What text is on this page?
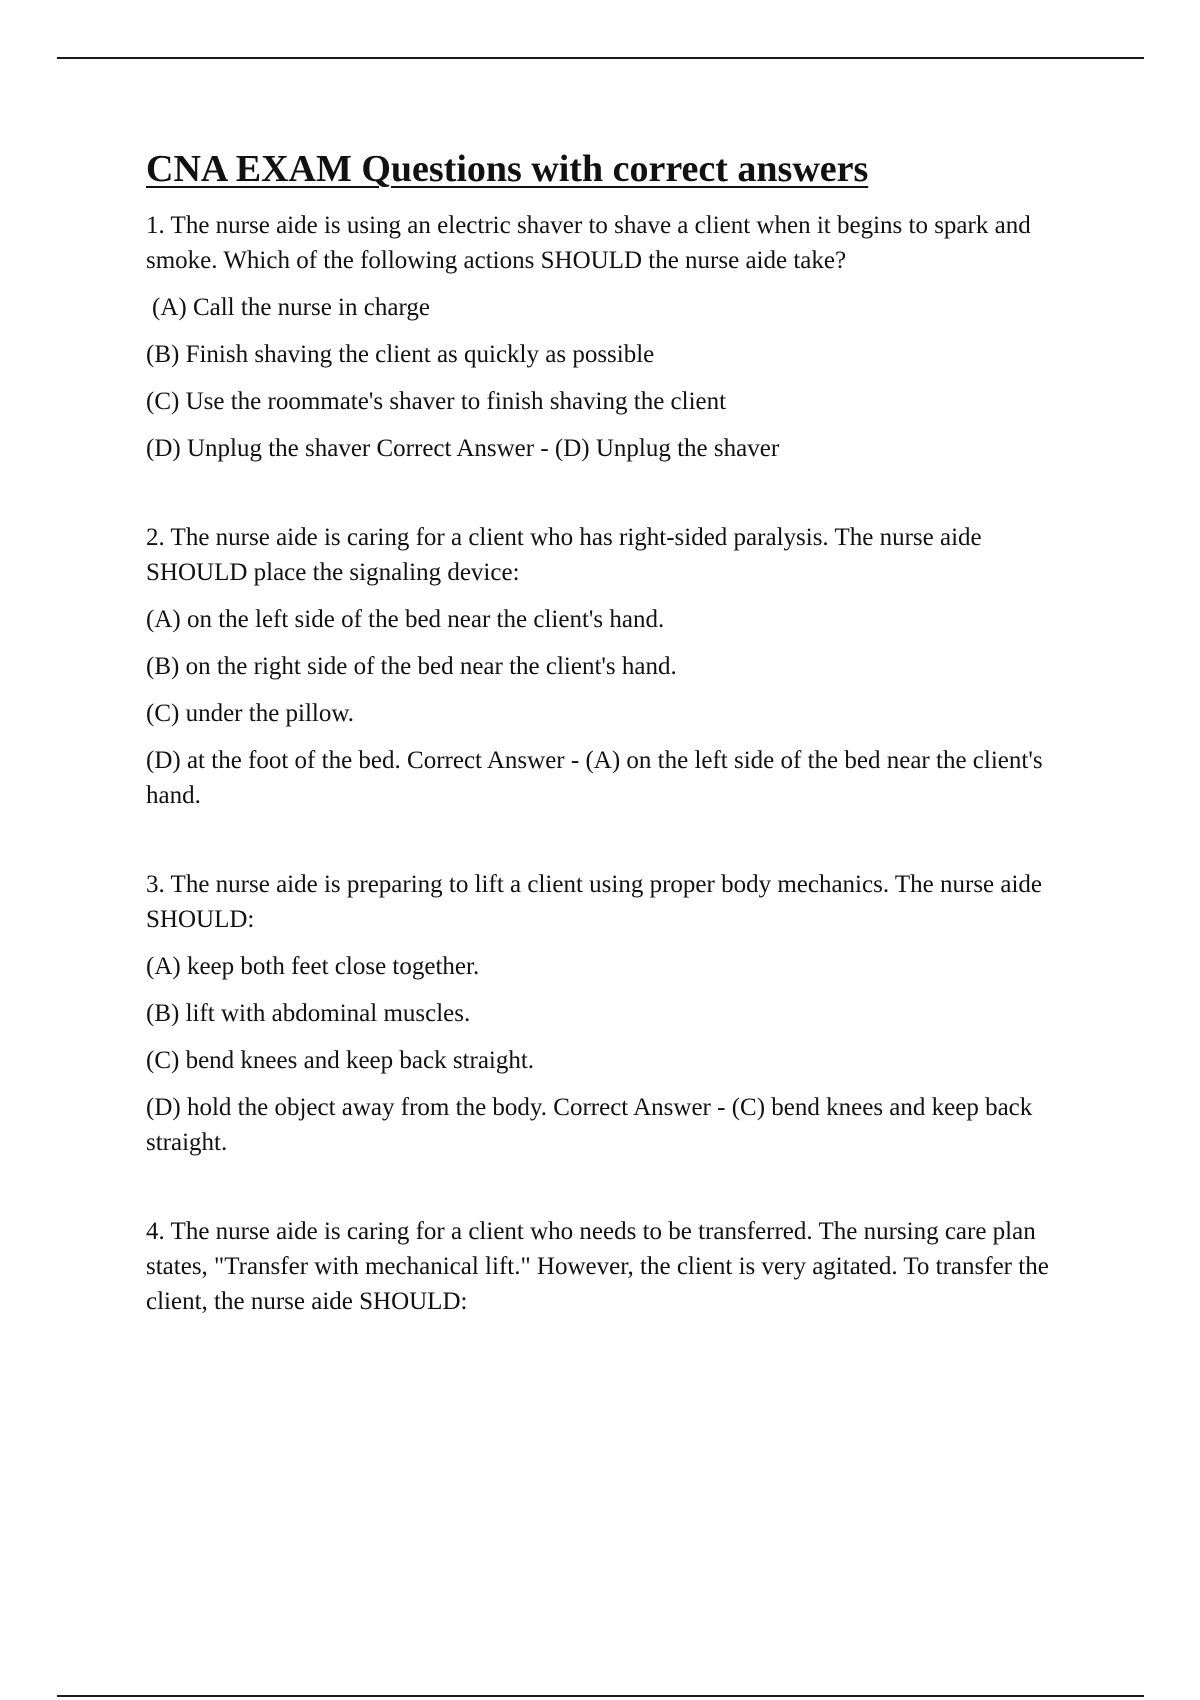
CNA EXAM Questions with correct answers

1. The nurse aide is using an electric shaver to shave a client when it begins to spark and smoke. Which of the following actions SHOULD the nurse aide take?

(A) Call the nurse in charge

(B) Finish shaving the client as quickly as possible

(C) Use the roommate's shaver to finish shaving the client

(D) Unplug the shaver Correct Answer - (D) Unplug the shaver

2. The nurse aide is caring for a client who has right-sided paralysis. The nurse aide SHOULD place the signaling device:

(A) on the left side of the bed near the client's hand.

(B) on the right side of the bed near the client's hand.

(C) under the pillow.

(D) at the foot of the bed. Correct Answer - (A) on the left side of the bed near the client's hand.

3. The nurse aide is preparing to lift a client using proper body mechanics. The nurse aide SHOULD:

(A) keep both feet close together.

(B) lift with abdominal muscles.

(C) bend knees and keep back straight.

(D) hold the object away from the body. Correct Answer - (C) bend knees and keep back straight.

4. The nurse aide is caring for a client who needs to be transferred. The nursing care plan states, "Transfer with mechanical lift." However, the client is very agitated. To transfer the client, the nurse aide SHOULD:
